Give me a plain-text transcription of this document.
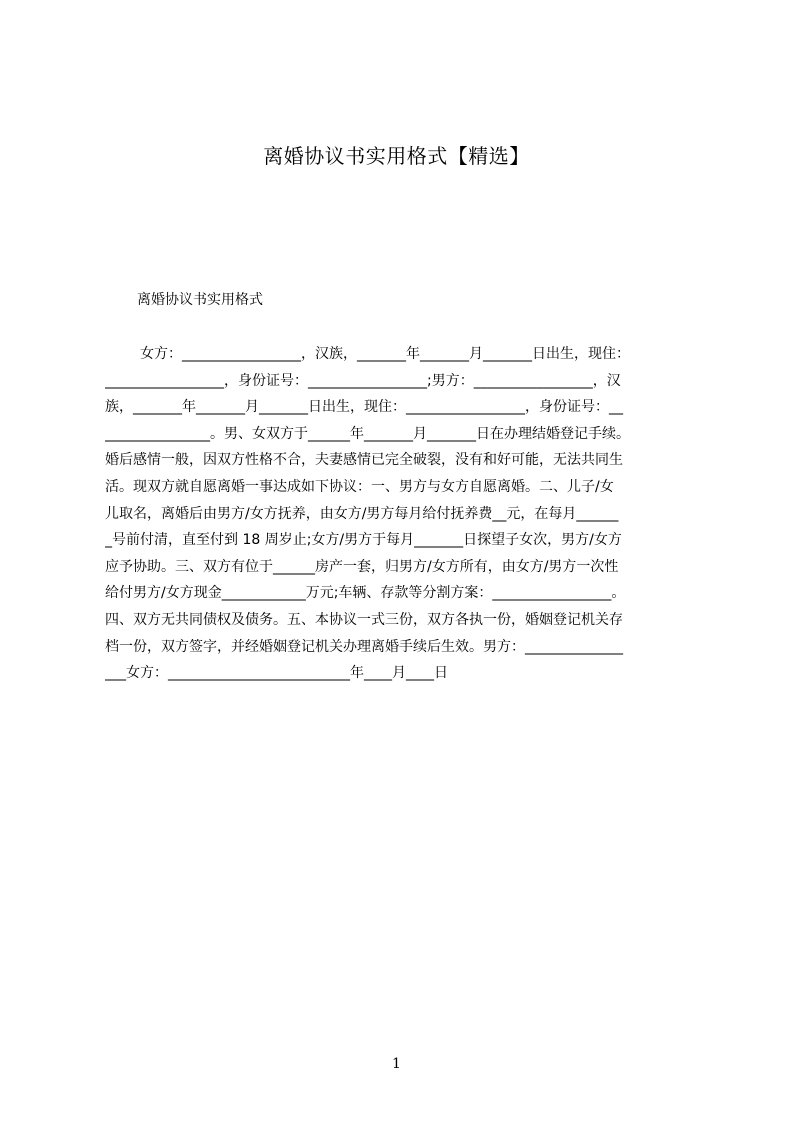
离婚协议书实用格式【精选】
离婚协议书实用格式
女方：_________________，汉族，_______年_______月_______日出生，现住：
_________________，身份证号：_________________;男方：_________________，汉
族，_______年_______月_______日出生，现住：_________________，身份证号：__
_______________。男、女双方于______年_______月_______日在办理结婚登记手续。
婚后感情一般，因双方性格不合，夫妻感情已完全破裂，没有和好可能，无法共同生
活。现双方就自愿离婚一事达成如下协议：一、男方与女方自愿离婚。二、儿子/女
儿取名，离婚后由男方/女方抚养，由女方/男方每月给付抚养费__元，在每月______
_号前付清，直至付到 18 周岁止;女方/男方于每月_______日探望子女次，男方/女方
应予协助。三、双方有位于______房产一套，归男方/女方所有，由女方/男方一次性
给付男方/女方现金____________万元;车辆、存款等分割方案：_________________。
四、双方无共同债权及债务。五、本协议一式三份，双方各执一份，婚姻登记机关存
档一份，双方签字，并经婚姻登记机关办理离婚手续后生效。男方：______________
___女方：__________________________年____月____日
1
